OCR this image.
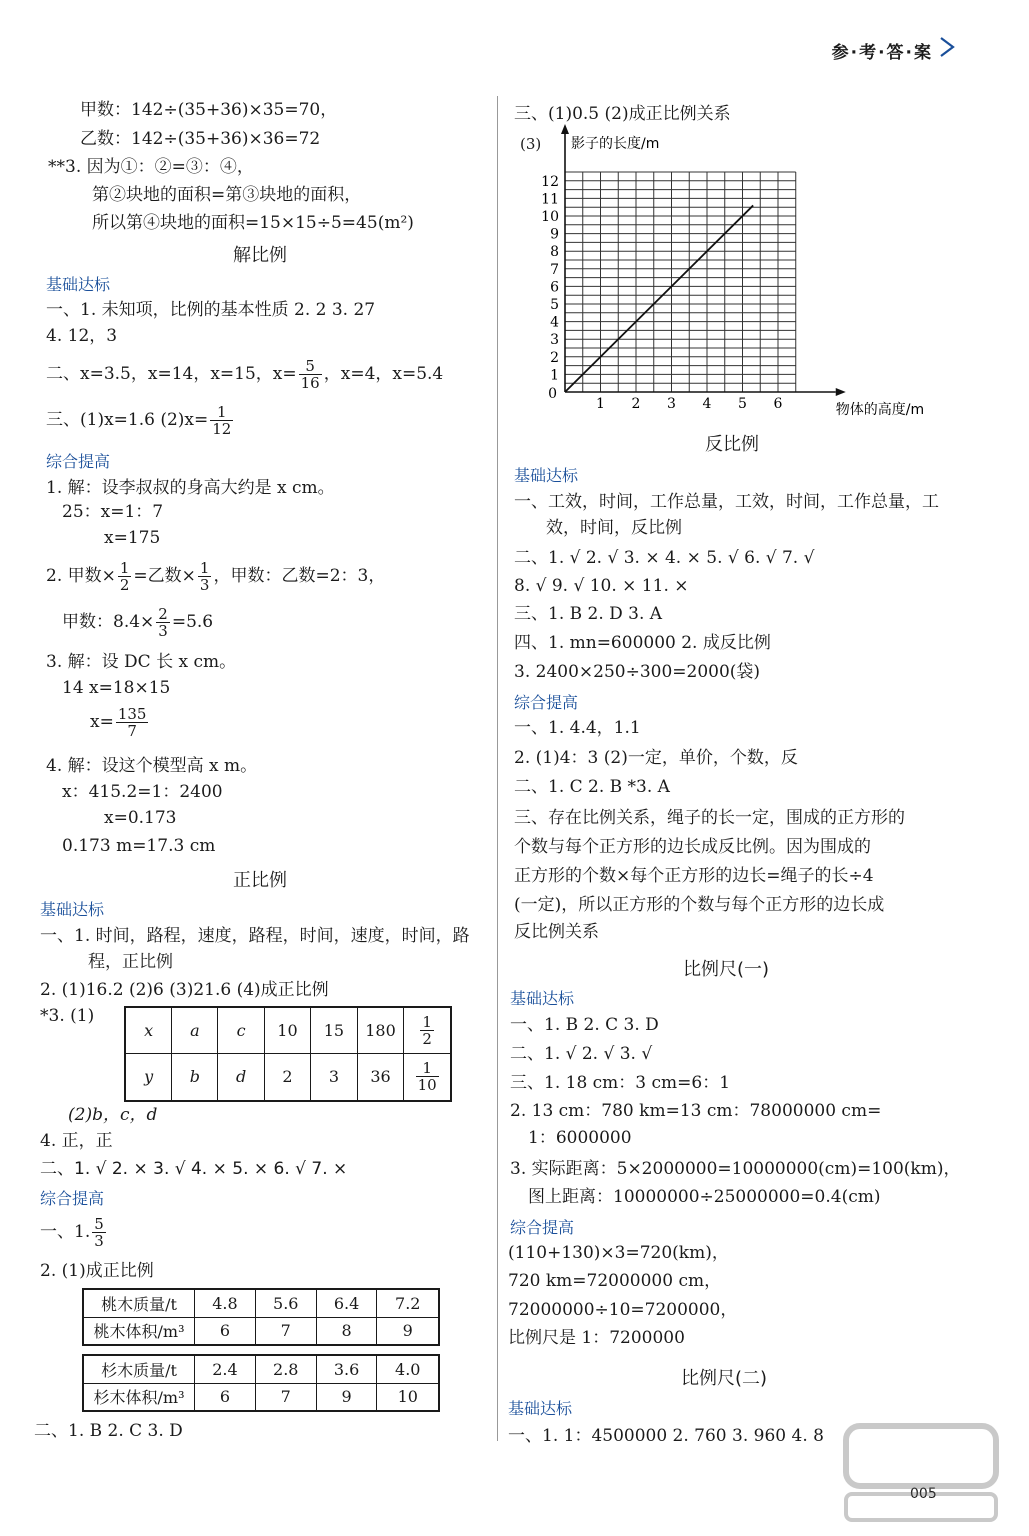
参·考·答·案
甲数：142÷(35+36)×35=70，
乙数：142÷(35+36)×36=72
**3. 因为①：②=③：④，
第②块地的面积=第③块地的面积，
所以第④块地的面积=15×15÷5=45(m²)
解比例
基础达标
一、1. 未知项，比例的基本性质 2. 2 3. 27
4. 12，3
二、x=3.5，x=14，x=15，$x= \frac{5}{16}$ ，x=4，x=5.4
三、(1)x=1.6 $(2)x= \frac{1}{12}$
综合提高
1. 解：设李叔叔的身高大约是 x cm。
25：x=1：7
x=175
2. 甲数× $\frac{1}{2}$ =乙数× $\frac{1}{3}$ ，甲数：乙数=2：3，
甲数：$8.4\times \frac{2}{3} =5.6$
3. 解：设 DC 长 x cm。
14 x=18×15
$x= \frac{135}{7}$
4. 解：设这个模型高 x m。
x：415.2=1：2400
x=0.173
0.173 m=17.3 cm
正比例
基础达标
一、1. 时间，路程，速度，路程，时间，速度，时间，路
程，正比例
2. (1)16.2 (2)6 (3)21.6 (4)成正比例
*3. (1)
x	a	c	10	15	180	$\frac{1}{2}$

y	b	d	2	3	36	$\frac{1}{10}$
(2)b，c，d
4. 正，正
二、1. √ 2. × 3. √ 4. × 5. × 6. √ 7. ×
综合提高
一、1. $\frac{5}{3}$
2. (1)成正比例
桃木质量/t	4.8	5.6	6.4	7.2
桃木体积/m³	6	7	8	9
杉木质量/t	2.4	2.8	3.6	4.0
杉木体积/m³	6	7	9	10
二、1. B 2. C 3. D
三、(1)0.5 (2)成正比例关系
(3)
1 2 3 4 5 6
1
2
3
4
5
6
7
8
9
10
11
12
0
影子的长度/m
物体的高度/m
反比例
基础达标
一、工效，时间，工作总量，工效，时间，工作总量，工
效，时间，反比例
二、1. √ 2. √ 3. × 4. × 5. √ 6. √ 7. √
8. √ 9. √ 10. × 11. ×
三、1. B 2. D 3. A
四、1. mn=600000 2. 成反比例
3. 2400×250÷300=2000(袋)
综合提高
一、1. 4.4，1.1
2. (1)4：3 (2)一定，单价，个数，反
二、1. C 2. B *3. A
三、存在比例关系，绳子的长一定，围成的正方形的
个数与每个正方形的边长成反比例。因为围成的
正方形的个数×每个正方形的边长=绳子的长÷4
(一定)，所以正方形的个数与每个正方形的边长成
反比例关系
比例尺(一)
基础达标
一、1. B 2. C 3. D
二、1. √ 2. √ 3. √
三、1. 18 cm：3 cm=6：1
2. 13 cm：780 km=13 cm：78000000 cm=
1：6000000
3. 实际距离：5×2000000=10000000(cm)=100(km)，
图上距离：10000000÷25000000=0.4(cm)
综合提高
(110+130)×3=720(km)，
720 km=72000000 cm，
72000000÷10=7200000，
比例尺是 1：7200000
比例尺(二)
基础达标
一、1. 1：4500000 2. 760 3. 960 4. 8
005
